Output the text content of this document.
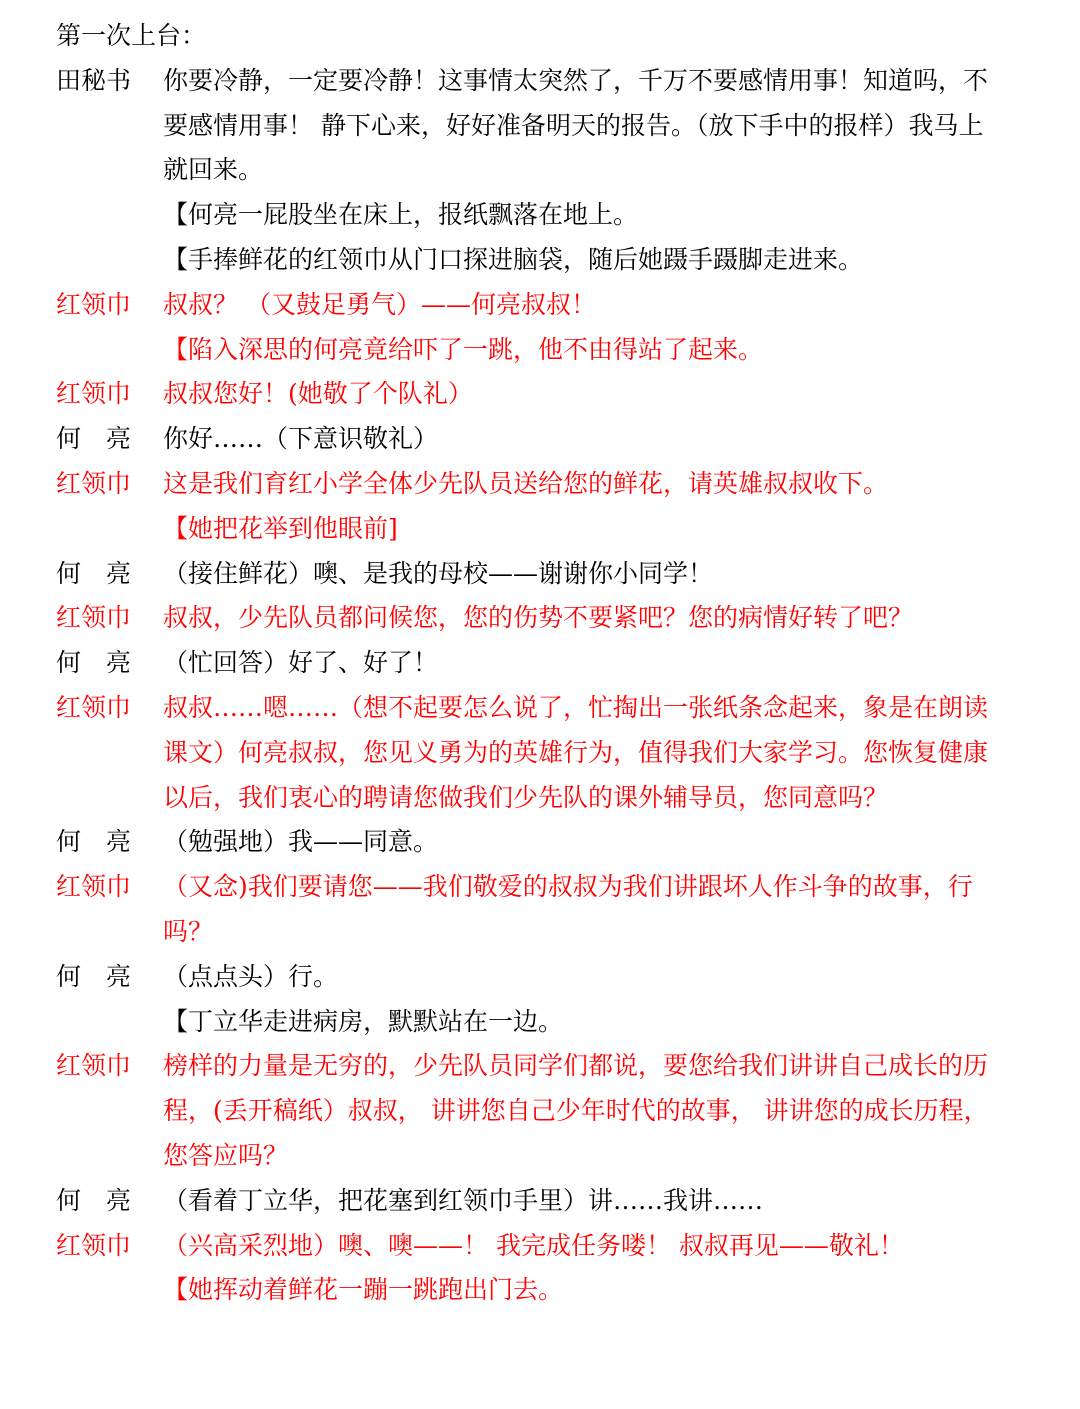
第一次上台：
田秘书	你要冷静，一定要冷静！这事情太突然了，千万不要感情用事！知道吗，不要感情用事！ 静下心来，好好准备明天的报告。（放下手中的报样）我马上就回来。
【何亮一屁股坐在床上，报纸飘落在地上。
【手捧鲜花的红领巾从门口探进脑袋，随后她蹑手蹑脚走进来。
红领巾	叔叔？ （又鼓足勇气）——何亮叔叔！
【陷入深思的何亮竟给吓了一跳，他不由得站了起来。
红领巾	叔叔您好！(她敬了个队礼）
何　亮	你好……（下意识敬礼）
红领巾	这是我们育红小学全体少先队员送给您的鲜花，请英雄叔叔收下。
【她把花举到他眼前]
何　亮	（接住鲜花）噢、是我的母校——谢谢你小同学！
红领巾	叔叔，少先队员都问候您，您的伤势不要紧吧？您的病情好转了吧？
何　亮	（忙回答）好了、好了！
红领巾	叔叔……嗯……（想不起要怎么说了，忙掏出一张纸条念起来，象是在朗读课文）何亮叔叔，您见义勇为的英雄行为，值得我们大家学习。您恢复健康以后，我们衷心的聘请您做我们少先队的课外辅导员，您同意吗？
何　亮	（勉强地）我——同意。
红领巾	（又念)我们要请您——我们敬爱的叔叔为我们讲跟坏人作斗争的故事，行吗？
何　亮	（点点头）行。
【丁立华走进病房，默默站在一边。
红领巾	榜样的力量是无穷的，少先队员同学们都说，要您给我们讲讲自己成长的历程，(丢开稿纸）叔叔， 讲讲您自己少年时代的故事， 讲讲您的成长历程，您答应吗？
何　亮	（看着丁立华，把花塞到红领巾手里）讲……我讲……
红领巾	（兴高采烈地）噢、噢——！ 我完成任务喽！ 叔叔再见——敬礼！
【她挥动着鲜花一蹦一跳跑出门去。
